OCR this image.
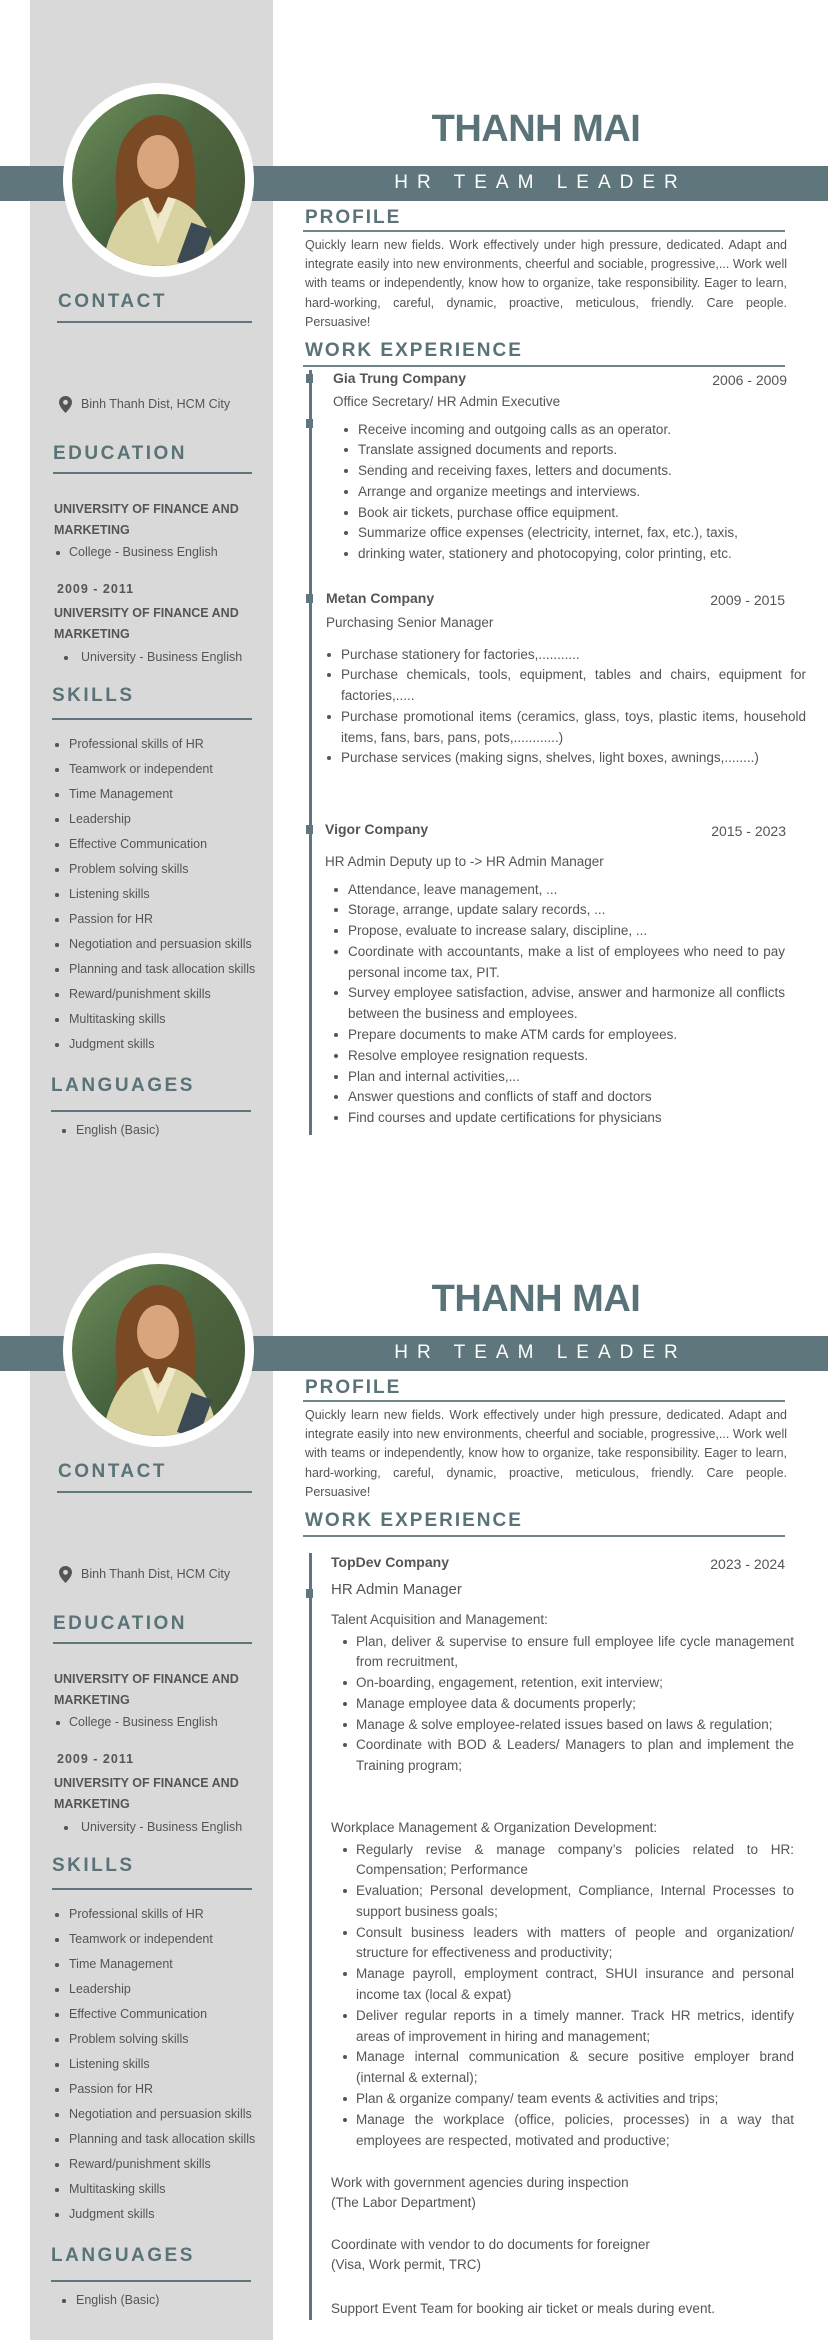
THANH MAI
HR TEAM LEADER
PROFILE
Quickly learn new fields. Work effectively under high pressure, dedicated. Adapt and integrate easily into new environments, cheerful and sociable, progressive,... Work well with teams or independently, know how to organize, take responsibility. Eager to learn, hard-working, careful, dynamic, proactive, meticulous, friendly. Care people. Persuasive!
WORK EXPERIENCE
CONTACT
Binh Thanh Dist, HCM City
EDUCATION
UNIVERSITY OF FINANCE AND MARKETING
College - Business English
2009 - 2011
UNIVERSITY OF FINANCE AND MARKETING
University - Business English
SKILLS
Professional skills of HR
Teamwork or independent
Time Management
Leadership
Effective Communication
Problem solving skills
Listening skills
Passion for HR
Negotiation and persuasion skills
Planning and task allocation skills
Reward/punishment skills
Multitasking skills
Judgment skills
LANGUAGES
English (Basic)
Gia Trung Company	2006 - 2009
Office Secretary/ HR Admin Executive
Receive incoming and outgoing calls as an operator.
Translate assigned documents and reports.
Sending and receiving faxes, letters and documents.
Arrange and organize meetings and interviews.
Book air tickets, purchase office equipment.
Summarize office expenses (electricity, internet, fax, etc.), taxis,
drinking water, stationery and photocopying, color printing, etc.
Metan Company	2009 - 2015
Purchasing Senior Manager
Purchase stationery for factories,...........
Purchase chemicals, tools, equipment, tables and chairs, equipment for factories,.....
Purchase promotional items (ceramics, glass, toys, plastic items, household items, fans, bars, pans, pots,............)
Purchase services (making signs, shelves, light boxes, awnings,........)
Vigor Company	2015 - 2023
HR Admin Deputy up to -> HR Admin Manager
Attendance, leave management, ...
Storage, arrange, update salary records, ...
Propose, evaluate to increase salary, discipline, ...
Coordinate with accountants, make a list of employees who need to pay personal income tax, PIT.
Survey employee satisfaction, advise, answer and harmonize all conflicts between the business and employees.
Prepare documents to make ATM cards for employees.
Resolve employee resignation requests.
Plan and internal activities,...
Answer questions and conflicts of staff and doctors
Find courses and update certifications for physicians
THANH MAI
HR TEAM LEADER
PROFILE
Quickly learn new fields. Work effectively under high pressure, dedicated. Adapt and integrate easily into new environments, cheerful and sociable, progressive,... Work well with teams or independently, know how to organize, take responsibility. Eager to learn, hard-working, careful, dynamic, proactive, meticulous, friendly. Care people. Persuasive!
WORK EXPERIENCE
CONTACT
Binh Thanh Dist, HCM City
EDUCATION
UNIVERSITY OF FINANCE AND MARKETING
College - Business English
2009 - 2011
UNIVERSITY OF FINANCE AND MARKETING
University - Business English
SKILLS
Professional skills of HR
Teamwork or independent
Time Management
Leadership
Effective Communication
Problem solving skills
Listening skills
Passion for HR
Negotiation and persuasion skills
Planning and task allocation skills
Reward/punishment skills
Multitasking skills
Judgment skills
LANGUAGES
English (Basic)
TopDev Company	2023 - 2024
HR Admin Manager
Talent Acquisition and Management:
Plan, deliver & supervise to ensure full employee life cycle management from recruitment,
On-boarding, engagement, retention, exit interview;
Manage employee data & documents properly;
Manage & solve employee-related issues based on laws & regulation;
Coordinate with BOD & Leaders/ Managers to plan and implement the Training program;
Workplace Management & Organization Development:
Regularly revise & manage company’s policies related to HR: Compensation; Performance
Evaluation; Personal development, Compliance, Internal Processes to support business goals;
Consult business leaders with matters of people and organization/ structure for effectiveness and productivity;
Manage payroll, employment contract, SHUI insurance and personal income tax (local & expat)
Deliver regular reports in a timely manner. Track HR metrics, identify areas of improvement in hiring and management;
Manage internal communication & secure positive employer brand (internal & external);
Plan & organize company/ team events & activities and trips;
Manage the workplace (office, policies, processes) in a way that employees are respected, motivated and productive;
Work with government agencies during inspection
(The Labor Department)
Coordinate with vendor to do documents for foreigner
(Visa, Work permit, TRC)
Support Event Team for booking air ticket or meals during event.
